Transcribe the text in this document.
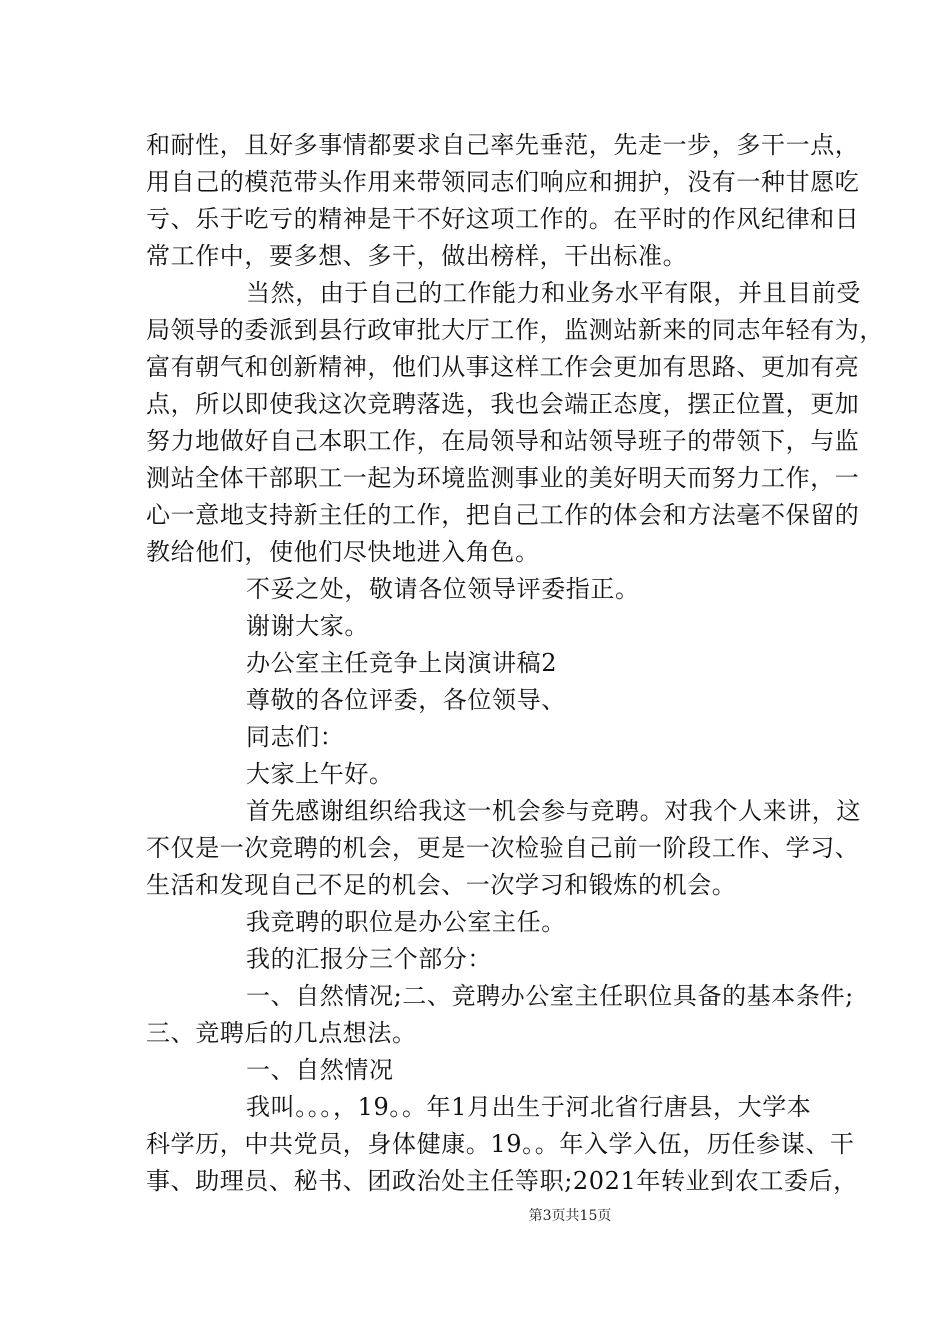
和耐性，且好多事情都要求自己率先垂范，先走一步，多干一点，
用自己的模范带头作用来带领同志们响应和拥护，没有一种甘愿吃
亏、乐于吃亏的精神是干不好这项工作的。在平时的作风纪律和日
常工作中，要多想、多干，做出榜样，干出标准。
当然，由于自己的工作能力和业务水平有限，并且目前受
局领导的委派到县行政审批大厅工作，监测站新来的同志年轻有为，
富有朝气和创新精神，他们从事这样工作会更加有思路、更加有亮
点，所以即使我这次竞聘落选，我也会端正态度，摆正位置，更加
努力地做好自己本职工作，在局领导和站领导班子的带领下，与监
测站全体干部职工一起为环境监测事业的美好明天而努力工作，一
心一意地支持新主任的工作，把自己工作的体会和方法毫不保留的
教给他们，使他们尽快地进入角色。
不妥之处，敬请各位领导评委指正。
谢谢大家。
办公室主任竞争上岗演讲稿2
尊敬的各位评委，各位领导、
同志们：
大家上午好。
首先感谢组织给我这一机会参与竞聘。对我个人来讲，这
不仅是一次竞聘的机会，更是一次检验自己前一阶段工作、学习、
生活和发现自己不足的机会、一次学习和锻炼的机会。
我竞聘的职位是办公室主任。
我的汇报分三个部分：
一、自然情况;二、竞聘办公室主任职位具备的基本条件;
三、竞聘后的几点想法。
一、自然情况
我叫。。。，19。。年1月出生于河北省行唐县，大学本
科学历，中共党员，身体健康。19。。年入学入伍，历任参谋、干
事、助理员、秘书、团政治处主任等职;2021年转业到农工委后，
第3页共15页
